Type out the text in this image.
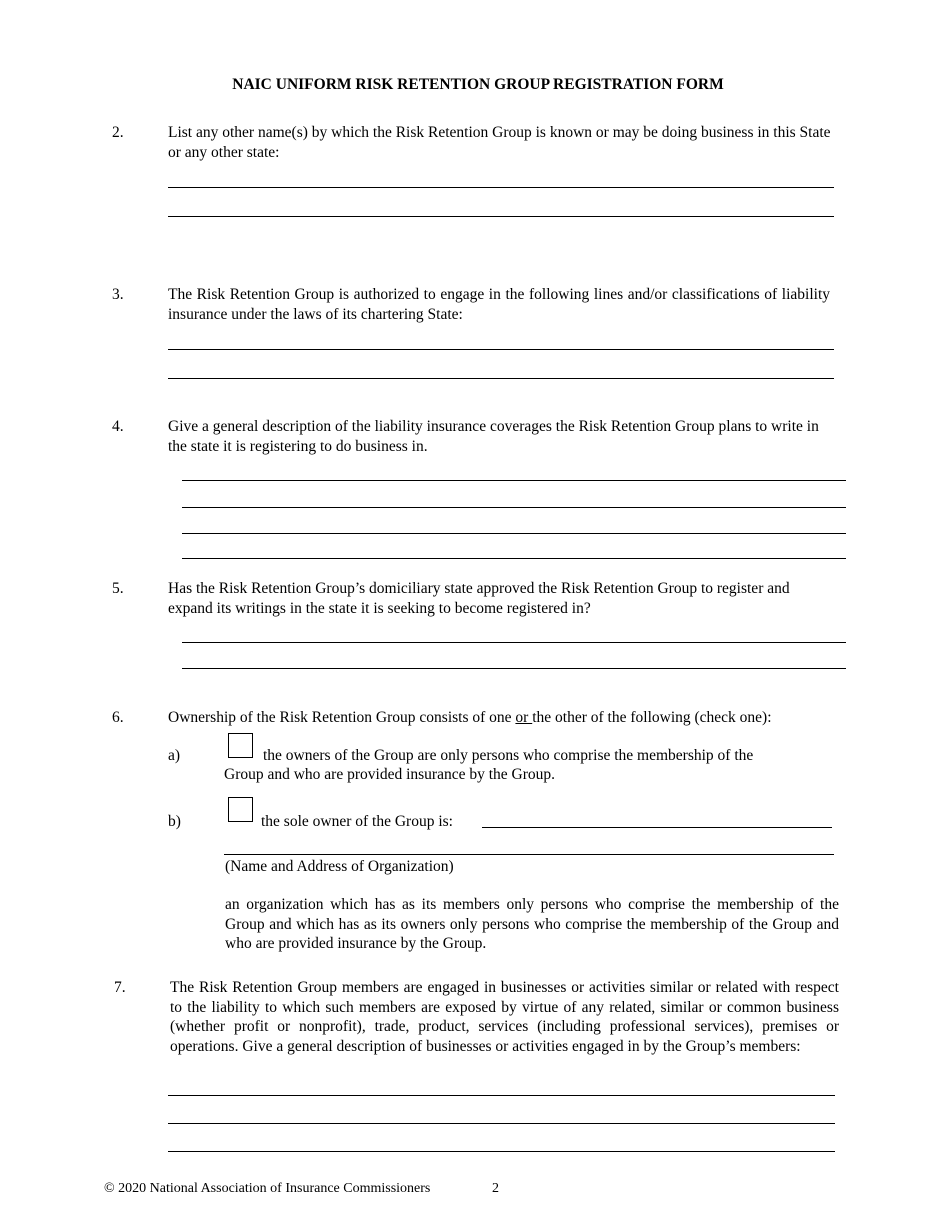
NAIC UNIFORM RISK RETENTION GROUP REGISTRATION FORM
2.	List any other name(s) by which the Risk Retention Group is known or may be doing business in this State or any other state:
3.	The Risk Retention Group is authorized to engage in the following lines and/or classifications of liability insurance under the laws of its chartering State:
4.	Give a general description of the liability insurance coverages the Risk Retention Group plans to write in the state it is registering to do business in.
5.	Has the Risk Retention Group’s domiciliary state approved the Risk Retention Group to register and expand its writings in the state it is seeking to become registered in?
6.	Ownership of the Risk Retention Group consists of one or the other of the following (check one):
a)	the owners of the Group are only persons who comprise the membership of the
Group and who are provided insurance by the Group.
b)	the sole owner of the Group is:
(Name and Address of Organization)
an organization which has as its members only persons who comprise the membership of the Group and which has as its owners only persons who comprise the membership of the Group and who are provided insurance by the Group.
7.	The Risk Retention Group members are engaged in businesses or activities similar or related with respect to the liability to which such members are exposed by virtue of any related, similar or common business (whether profit or nonprofit), trade, product, services (including professional services), premises or operations. Give a general description of businesses or activities engaged in by the Group’s members:
© 2020 National Association of Insurance Commissioners	2
